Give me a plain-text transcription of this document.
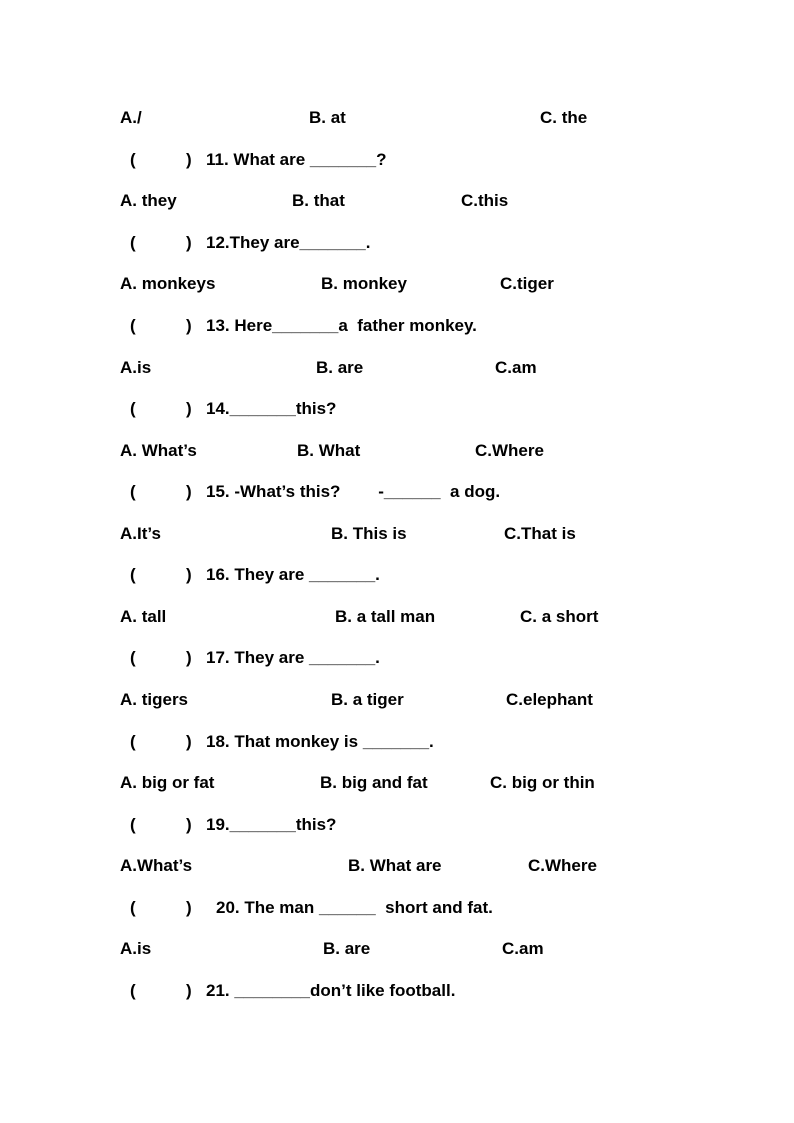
A./

	B. at

	C. the

(

	)

11. What are _______?

A. they

	B. that

	C.this

(

	)

12.They are_______.

A. monkeys

	B. monkey

	C.tiger

(

	)

13. Here_______a  father monkey.

A.is

	B. are

	C.am

(

	)

14._______this?

A. What’s

	B. What

	C.Where

(

	)

15. -What’s this?        -______  a dog.

A.It’s

	B. This is

	C.That is

(

	)

16. They are _______.

A. tall

	B. a tall man

	C. a short

(

	)

17. They are _______.

A. tigers

	B. a tiger

	C.elephant

(

	)

18. That monkey is _______.

A. big or fat

	B. big and fat

	C. big or thin

(

	)

19._______this?

A.What’s

	B. What are

	C.Where

(

	)

20. The man ______  short and fat.

A.is

	B. are

	C.am

(

	)

21. ________don’t like football.
